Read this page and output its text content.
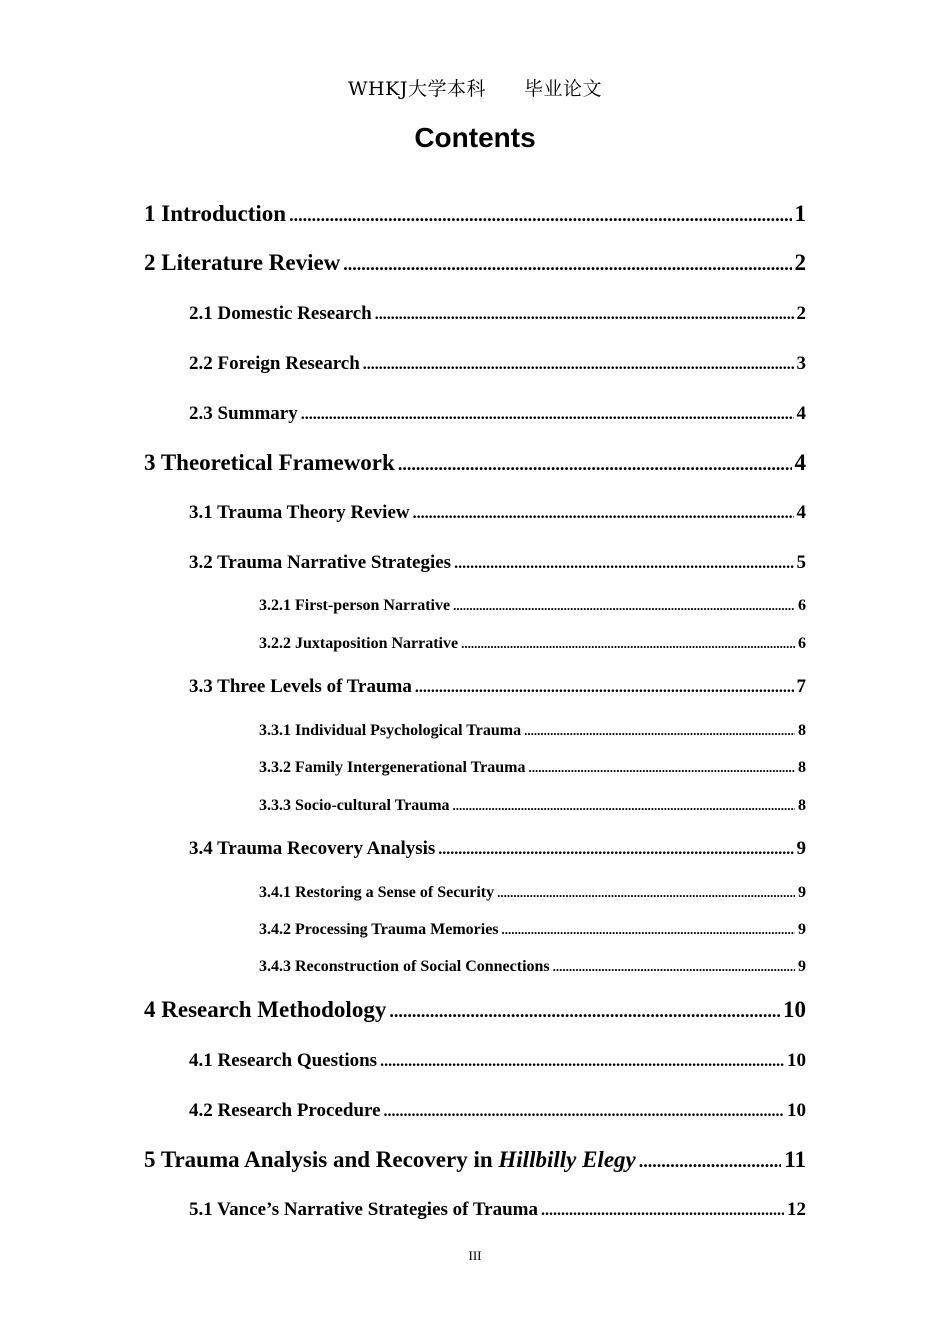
WHKJ大学本科 毕业论文
Contents
1 Introduction .....	1
2 Literature Review .....	2
2.1 Domestic Research .....	2
2.2 Foreign Research .....	3
2.3 Summary .....	4
3 Theoretical Framework .....	4
3.1 Trauma Theory Review .....	4
3.2 Trauma Narrative Strategies .....	5
3.2.1 First-person Narrative .....	6
3.2.2 Juxtaposition Narrative .....	6
3.3 Three Levels of Trauma .....	7
3.3.1 Individual Psychological Trauma .....	8
3.3.2 Family Intergenerational Trauma .....	8
3.3.3 Socio-cultural Trauma .....	8
3.4 Trauma Recovery Analysis .....	9
3.4.1 Restoring a Sense of Security .....	9
3.4.2 Processing Trauma Memories .....	9
3.4.3 Reconstruction of Social Connections .....	9
4 Research Methodology .....	10
4.1 Research Questions .....	10
4.2 Research Procedure .....	10
5 Trauma Analysis and Recovery in Hillbilly Elegy .....	11
5.1 Vance’s Narrative Strategies of Trauma .....	12
III
